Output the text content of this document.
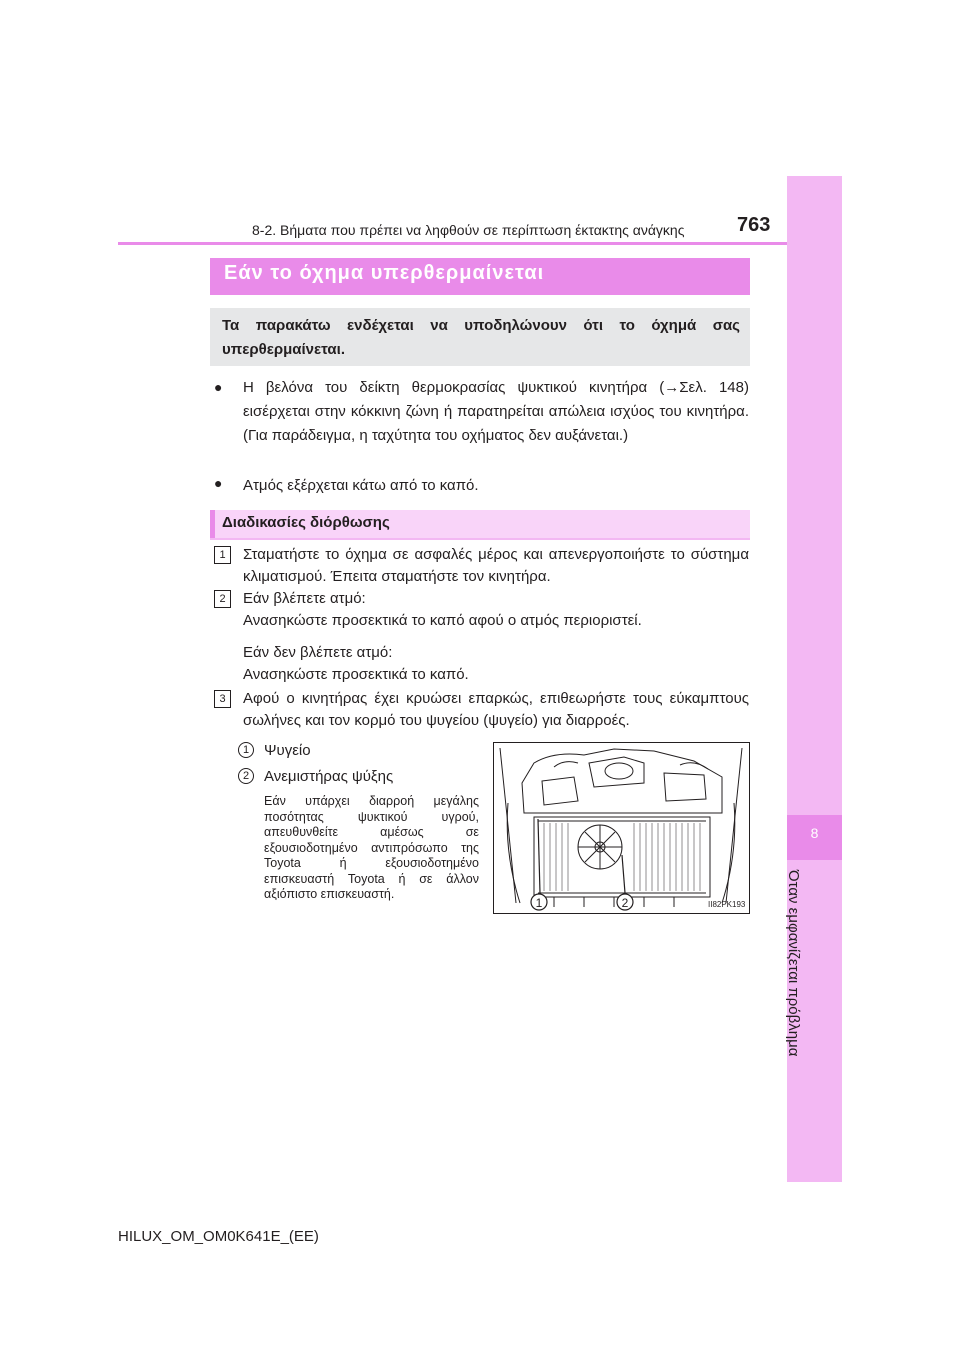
8
Όταν εμφανίζεται πρόβλημα
8-2. Βήματα που πρέπει να ληφθούν σε περίπτωση έκτακτης ανάγκης	763
Εάν το όχημα υπερθερμαίνεται
Τα παρακάτω ενδέχεται να υποδηλώνουν ότι το όχημά σας υπερθερμαίνεται.
● Η βελόνα του δείκτη θερμοκρασίας ψυκτικού κινητήρα (→Σελ. 148) εισέρχεται στην κόκκινη ζώνη ή παρατηρείται απώλεια ισχύος του κινητήρα. (Για παράδειγμα, η ταχύτητα του οχήματος δεν αυξάνεται.)
● Ατμός εξέρχεται κάτω από το καπό.
Διαδικασίες διόρθωσης
1	Σταματήστε το όχημα σε ασφαλές μέρος και απενεργοποιήστε το σύστημα κλιματισμού. Έπειτα σταματήστε τον κινητήρα.
2	Εάν βλέπετε ατμό:
Ανασηκώστε προσεκτικά το καπό αφού ο ατμός περιοριστεί.
Εάν δεν βλέπετε ατμό:
Ανασηκώστε προσεκτικά το καπό.
3	Αφού ο κινητήρας έχει κρυώσει επαρκώς, επιθεωρήστε τους εύκαμπτους σωλήνες και τον κορμό του ψυγείου (ψυγείο) για διαρροές.
1 Ψυγείο
2 Ανεμιστήρας ψύξης
Εάν υπάρχει διαρροή μεγάλης ποσότητας ψυκτικού υγρού, απευθυνθείτε αμέσως σε εξουσιοδοτημένο αντιπρόσωπο της Toyota ή εξουσιοδοτημένο επισκευαστή Toyota ή σε άλλον αξιόπιστο επισκευαστή.
1	2	II82PK193
HILUX_OM_OM0K641E_(EE)
